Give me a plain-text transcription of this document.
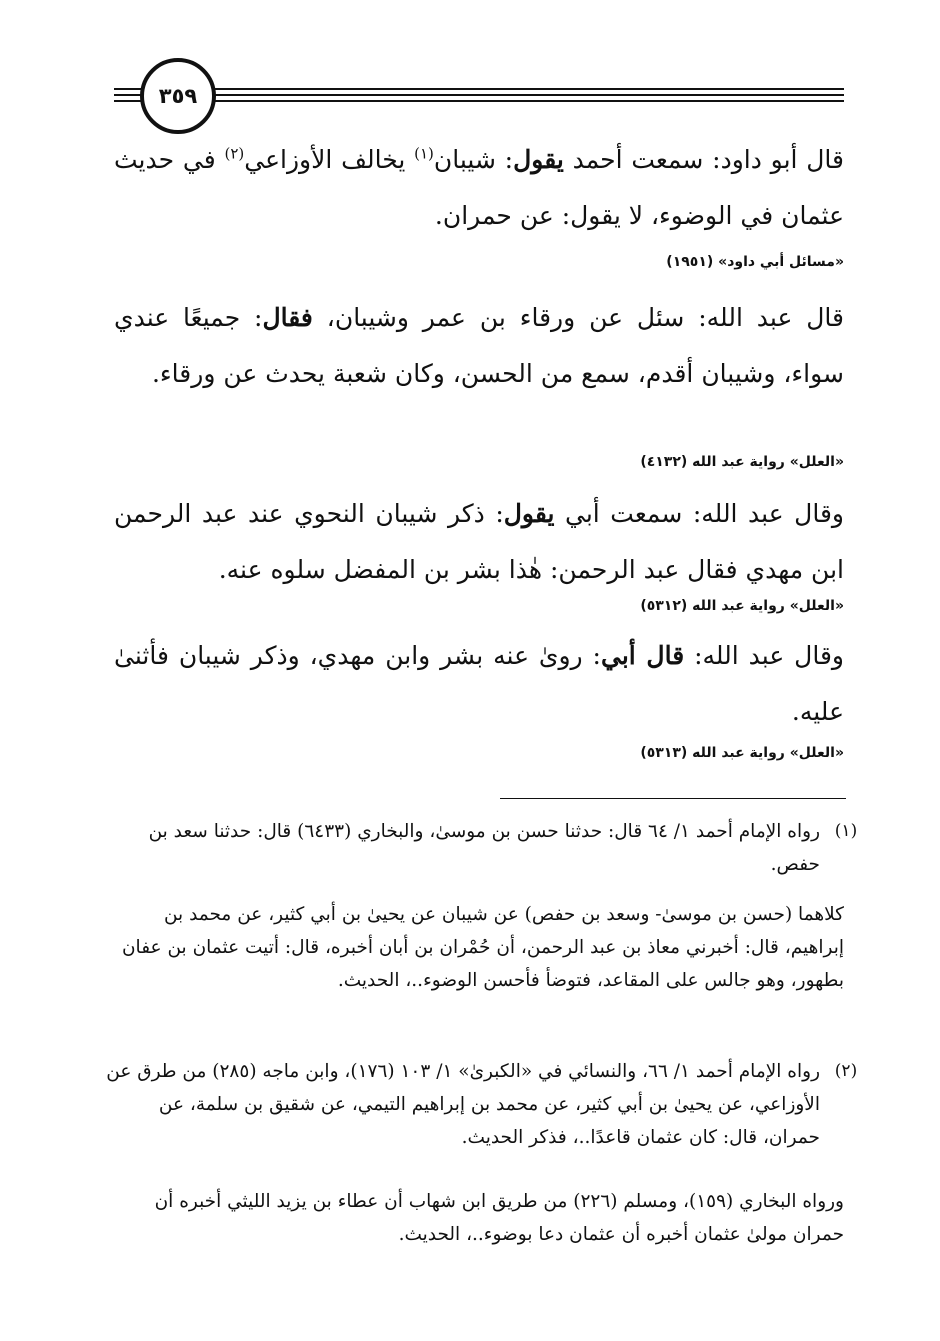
٣٥٩
قال أبو داود: سمعت أحمد يقول: شيبان$^{(١)}$ يخالف الأوزاعي$^{(٢)}$ في حديث عثمان في الوضوء، لا يقول: عن حمران.
«مسائل أبي داود» (١٩٥١)
قال عبد الله: سئل عن ورقاء بن عمر وشيبان، فقال: جميعًا عندي سواء، وشيبان أقدم، سمع من الحسن، وكان شعبة يحدث عن ورقاء.
«العلل» رواية عبد الله (٤١٣٢)
وقال عبد الله: سمعت أبي يقول: ذكر شيبان النحوي عند عبد الرحمن ابن مهدي فقال عبد الرحمن: هٰذا بشر بن المفضل سلوه عنه.
«العلل» رواية عبد الله (٥٣١٢)
وقال عبد الله: قال أبي: رویٰ عنه بشر وابن مهدي، وذكر شيبان فأثنىٰ عليه.
«العلل» رواية عبد الله (٥٣١٣)
(١)
رواه الإمام أحمد ١/ ٦٤ قال: حدثنا حسن بن موسىٰ، والبخاري (٦٤٣٣) قال: حدثنا سعد بن حفص.
كلاهما (حسن بن موسىٰ- وسعد بن حفص) عن شيبان عن يحيىٰ بن أبي كثير، عن محمد بن إبراهيم، قال: أخبرني معاذ بن عبد الرحمن، أن حُمْران بن أبان أخبره، قال: أتيت عثمان بن عفان بطهور، وهو جالس على المقاعد، فتوضأ فأحسن الوضوء..، الحديث.
(٢)
رواه الإمام أحمد ١/ ٦٦، والنسائي في «الكبرىٰ» ١/ ١٠٣ (١٧٦)، وابن ماجه (٢٨٥) من طرق عن الأوزاعي، عن يحيىٰ بن أبي كثير، عن محمد بن إبراهيم التيمي، عن شقيق بن سلمة، عن حمران، قال: كان عثمان قاعدًا..، فذكر الحديث.
ورواه البخاري (١٥٩)، ومسلم (٢٢٦) من طريق ابن شهاب أن عطاء بن يزيد الليثي أخبره أن حمران مولىٰ عثمان أخبره أن عثمان دعا بوضوء..، الحديث.
